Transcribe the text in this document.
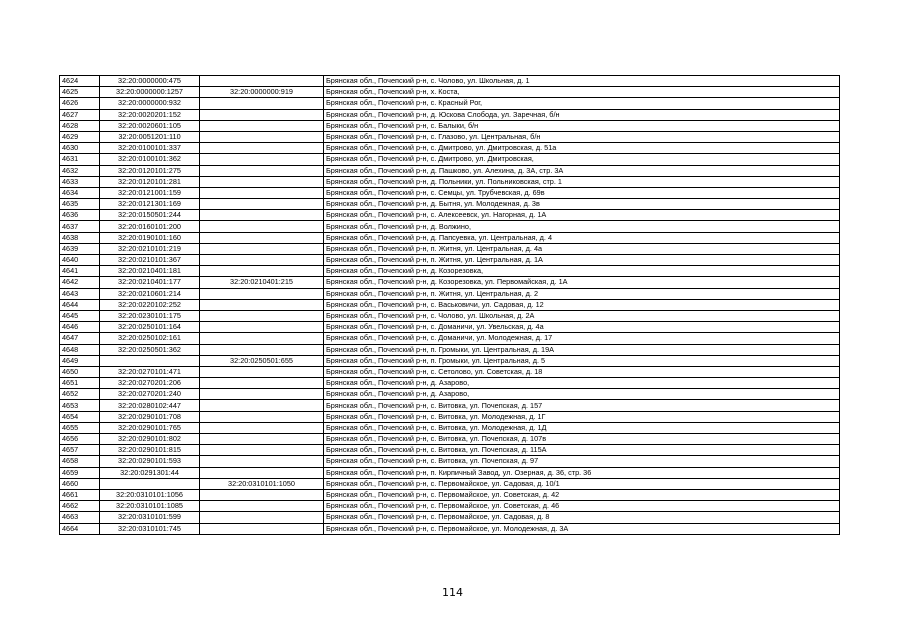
4624	32:20:0000000:475		Брянская обл., Почепский р-н, с. Чолово, ул. Школьная, д. 1
4625	32:20:0000000:1257	32:20:0000000:919	Брянская обл., Почепский р-н, х. Коста,
4626	32:20:0000000:932		Брянская обл., Почепский р-н, с. Красный Рог,
4627	32:20:0020201:152		Брянская обл., Почепский р-н, д. Юскова Слобода, ул. Заречная, б/н
4628	32:20:0020601:105		Брянская обл., Почепский р-н, с. Балыки, б/н
4629	32:20:0051201:110		Брянская обл., Почепский р-н, с. Глазово, ул. Центральная, б/н
4630	32:20:0100101:337		Брянская обл., Почепский р-н, с. Дмитрово, ул. Дмитровская, д. 51а
4631	32:20:0100101:362		Брянская обл., Почепский р-н, с. Дмитрово, ул. Дмитровская,
4632	32:20:0120101:275		Брянская обл., Почепский р-н, д. Пашково, ул. Алехина, д. 3А, стр. 3А
4633	32:20:0120101:281		Брянская обл., Почепский р-н, д. Польники, ул. Польниковская, стр. 1
4634	32:20:0121001:159		Брянская обл., Почепский р-н, с. Семцы, ул. Трубчевская, д. 69в
4635	32:20:0121301:169		Брянская обл., Почепский р-н, д. Бытня, ул. Молодежная, д. 3в
4636	32:20:0150501:244		Брянская обл., Почепский р-н, с. Алексеевск, ул. Нагорная, д. 1А
4637	32:20:0160101:200		Брянская обл., Почепский р-н, д. Волжино,
4638	32:20:0190101:160		Брянская обл., Почепский р-н, д. Папсуевка, ул. Центральная, д. 4
4639	32:20:0210101:219		Брянская обл., Почепский р-н, п. Житня, ул. Центральная, д. 4а
4640	32:20:0210101:367		Брянская обл., Почепский р-н, п. Житня, ул. Центральная, д. 1А
4641	32:20:0210401:181		Брянская обл., Почепский р-н, д. Козорезовка,
4642	32:20:0210401:177	32:20:0210401:215	Брянская обл., Почепский р-н, д. Козорезовка, ул. Первомайская, д. 1А
4643	32:20:0210601:214		Брянская обл., Почепский р-н, п. Житня, ул. Центральная, д. 2
4644	32:20:0220102:252		Брянская обл., Почепский р-н, с. Васьковичи, ул. Садовая, д. 12
4645	32:20:0230101:175		Брянская обл., Почепский р-н, с. Чолово, ул. Школьная, д. 2А
4646	32:20:0250101:164		Брянская обл., Почепский р-н, с. Доманичи, ул. Увельская, д. 4а
4647	32:20:0250102:161		Брянская обл., Почепский р-н, с. Доманичи, ул. Молодежная, д. 17
4648	32:20:0250501:362		Брянская обл., Почепский р-н, п. Громыки, ул. Центральная, д. 19А
4649		32:20:0250501:655	Брянская обл., Почепский р-н, п. Громыки, ул. Центральная, д. 5
4650	32:20:0270101:471		Брянская обл., Почепский р-н, с. Сетолово, ул. Советская, д. 18
4651	32:20:0270201:206		Брянская обл., Почепский р-н, д. Азарово,
4652	32:20:0270201:240		Брянская обл., Почепский р-н, д. Азарово,
4653	32:20:0280102:447		Брянская обл., Почепский р-н, с. Витовка, ул. Почепская, д. 157
4654	32:20:0290101:708		Брянская обл., Почепский р-н, с. Витовка, ул. Молодежная, д. 1Г
4655	32:20:0290101:765		Брянская обл., Почепский р-н, с. Витовка, ул. Молодежная, д. 1Д
4656	32:20:0290101:802		Брянская обл., Почепский р-н, с. Витовка, ул. Почепская, д. 107в
4657	32:20:0290101:815		Брянская обл., Почепский р-н, с. Витовка, ул. Почепская, д. 115А
4658	32:20:0290101:593		Брянская обл., Почепский р-н, с. Витовка, ул. Почепская, д. 97
4659	32:20:0291301:44		Брянская обл., Почепский р-н, п. Кирпичный Завод, ул. Озерная, д. 36, стр. 36
4660		32:20:0310101:1050	Брянская обл., Почепский р-н, с. Первомайское, ул. Садовая, д. 10/1
4661	32:20:0310101:1056		Брянская обл., Почепский р-н, с. Первомайское, ул. Советская, д. 42
4662	32:20:0310101:1085		Брянская обл., Почепский р-н, с. Первомайское, ул. Советская, д. 46
4663	32:20:0310101:599		Брянская обл., Почепский р-н, с. Первомайское, ул. Садовая, д. 8
4664	32:20:0310101:745		Брянская обл., Почепский р-н, с. Первомайское, ул. Молодежная, д. 3А
114
